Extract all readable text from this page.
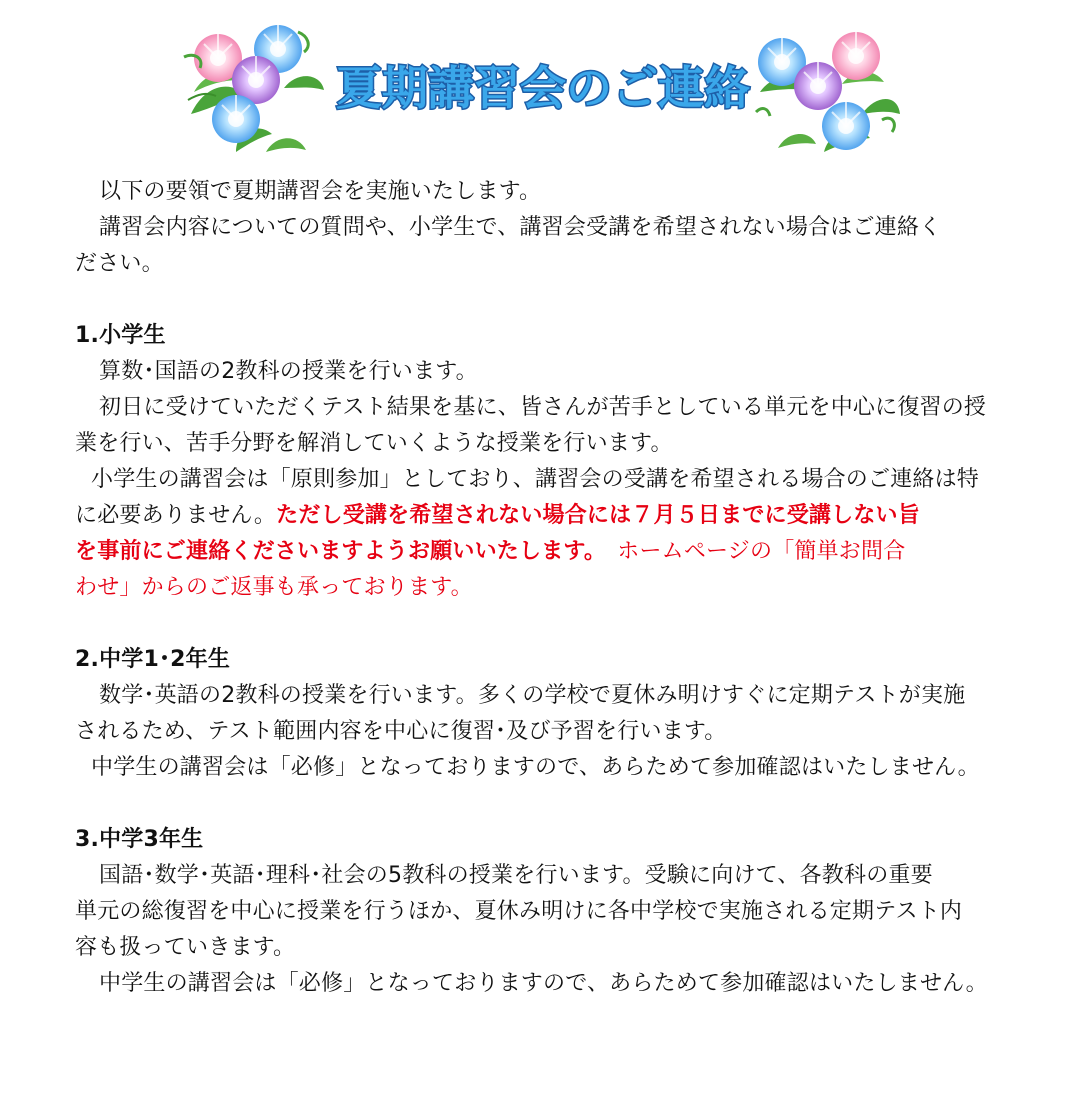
夏期講習会のご連絡

以下の要領で夏期講習会を実施いたします。

講習会内容についての質問や、小学生で、講習会受講を希望されない場合はご連絡く

ださい。

1.小学生

算数･国語の2教科の授業を行います。

初日に受けていただくテスト結果を基に、皆さんが苦手としている単元を中心に復習の授

業を行い、苦手分野を解消していくような授業を行います。

小学生の講習会は「原則参加」としており、講習会の受講を希望される場合のご連絡は特

に必要ありません。ただし受講を希望されない場合には７月５日までに受講しない旨

を事前にご連絡くださいますようお願いいたします。　ホームページの「簡単お問合

わせ」からのご返事も承っております。

2.中学1･2年生

数学･英語の2教科の授業を行います。多くの学校で夏休み明けすぐに定期テストが実施

されるため、テスト範囲内容を中心に復習･及び予習を行います。

中学生の講習会は「必修」となっておりますので、あらためて参加確認はいたしません。

3.中学3年生

国語･数学･英語･理科･社会の5教科の授業を行います。受験に向けて、各教科の重要

単元の総復習を中心に授業を行うほか、夏休み明けに各中学校で実施される定期テスト内

容も扱っていきます。

中学生の講習会は「必修」となっておりますので、あらためて参加確認はいたしません。
